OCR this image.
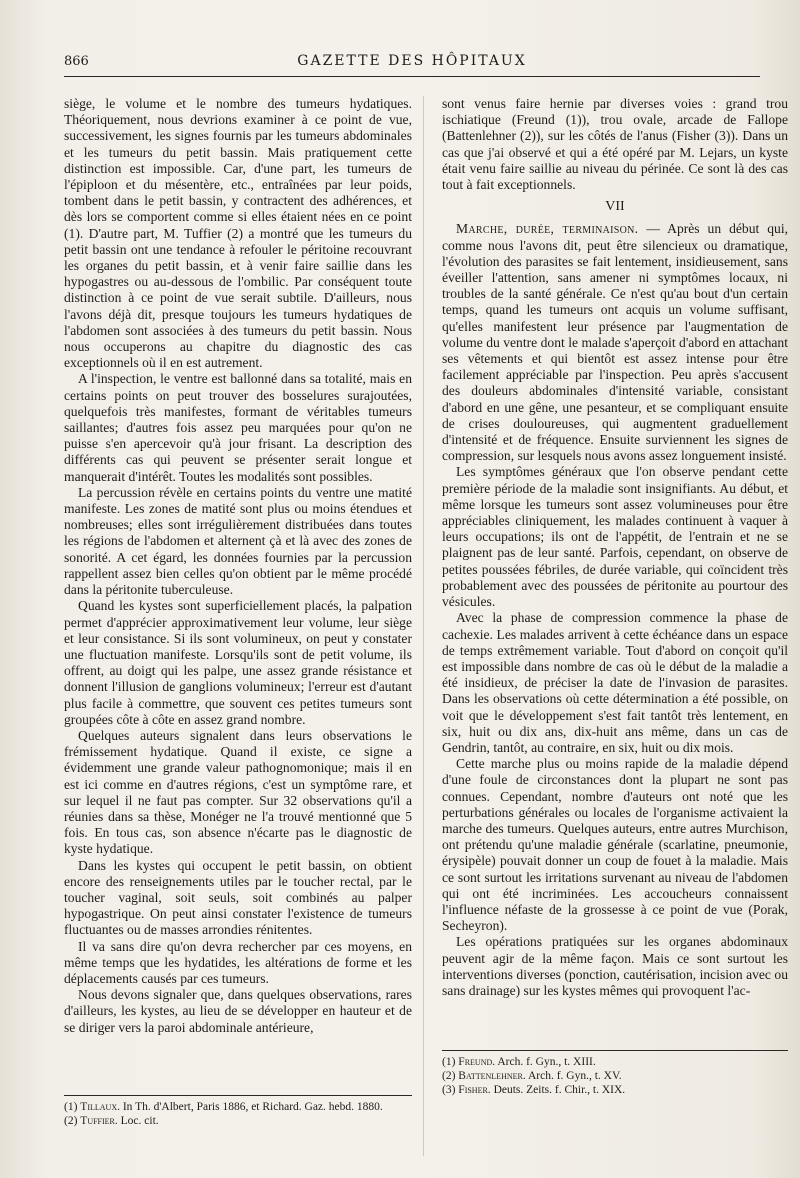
866	GAZETTE DES HÔPITAUX

siège, le volume et le nombre des tumeurs hydatiques. Théoriquement, nous devrions examiner à ce point de vue, successivement, les signes fournis par les tumeurs abdominales et les tumeurs du petit bassin. Mais pratiquement cette distinction est impossible. Car, d'une part, les tumeurs de l'épiploon et du mésentère, etc., entraînées par leur poids, tombent dans le petit bassin, y contractent des adhérences, et dès lors se comportent comme si elles étaient nées en ce point (1). D'autre part, M. Tuffier (2) a montré que les tumeurs du petit bassin ont une tendance à refouler le péritoine recouvrant les organes du petit bassin, et à venir faire saillie dans les hypogastres ou au-dessous de l'ombilic. Par conséquent toute distinction à ce point de vue serait subtile. D'ailleurs, nous l'avons déjà dit, presque toujours les tumeurs hydatiques de l'abdomen sont associées à des tumeurs du petit bassin. Nous nous occuperons au chapitre du diagnostic des cas exceptionnels où il en est autrement.

A l'inspection, le ventre est ballonné dans sa totalité, mais en certains points on peut trouver des bosselures surajoutées, quelquefois très manifestes, formant de véritables tumeurs saillantes; d'autres fois assez peu marquées pour qu'on ne puisse s'en apercevoir qu'à jour frisant. La description des différents cas qui peuvent se présenter serait longue et manquerait d'intérêt. Toutes les modalités sont possibles.

La percussion révèle en certains points du ventre une matité manifeste. Les zones de matité sont plus ou moins étendues et nombreuses; elles sont irrégulièrement distribuées dans toutes les régions de l'abdomen et alternent çà et là avec des zones de sonorité. A cet égard, les données fournies par la percussion rappellent assez bien celles qu'on obtient par le même procédé dans la péritonite tuberculeuse.

Quand les kystes sont superficiellement placés, la palpation permet d'apprécier approximativement leur volume, leur siège et leur consistance. Si ils sont volumineux, on peut y constater une fluctuation manifeste. Lorsqu'ils sont de petit volume, ils offrent, au doigt qui les palpe, une assez grande résistance et donnent l'illusion de ganglions volumineux; l'erreur est d'autant plus facile à commettre, que souvent ces petites tumeurs sont groupées côte à côte en assez grand nombre.

Quelques auteurs signalent dans leurs observations le frémissement hydatique. Quand il existe, ce signe a évidemment une grande valeur pathognomonique; mais il en est ici comme en d'autres régions, c'est un symptôme rare, et sur lequel il ne faut pas compter. Sur 32 observations qu'il a réunies dans sa thèse, Monéger ne l'a trouvé mentionné que 5 fois. En tous cas, son absence n'écarte pas le diagnostic de kyste hydatique.

Dans les kystes qui occupent le petit bassin, on obtient encore des renseignements utiles par le toucher rectal, par le toucher vaginal, soit seuls, soit combinés au palper hypogastrique. On peut ainsi constater l'existence de tumeurs fluctuantes ou de masses arrondies rénitentes.

Il va sans dire qu'on devra rechercher par ces moyens, en même temps que les hydatides, les altérations de forme et les déplacements causés par ces tumeurs.

Nous devons signaler que, dans quelques observations, rares d'ailleurs, les kystes, au lieu de se développer en hauteur et de se diriger vers la paroi abdominale antérieure,

sont venus faire hernie par diverses voies : grand trou ischiatique (Freund (1)), trou ovale, arcade de Fallope (Battenlehner (2)), sur les côtés de l'anus (Fisher (3)). Dans un cas que j'ai observé et qui a été opéré par M. Lejars, un kyste était venu faire saillie au niveau du périnée. Ce sont là des cas tout à fait exceptionnels.

VII

Marche, durée, terminaison. — Après un début qui, comme nous l'avons dit, peut être silencieux ou dramatique, l'évolution des parasites se fait lentement, insidieusement, sans éveiller l'attention, sans amener ni symptômes locaux, ni troubles de la santé générale. Ce n'est qu'au bout d'un certain temps, quand les tumeurs ont acquis un volume suffisant, qu'elles manifestent leur présence par l'augmentation de volume du ventre dont le malade s'aperçoit d'abord en attachant ses vêtements et qui bientôt est assez intense pour être facilement appréciable par l'inspection. Peu après s'accusent des douleurs abdominales d'intensité variable, consistant d'abord en une gêne, une pesanteur, et se compliquant ensuite de crises douloureuses, qui augmentent graduellement d'intensité et de fréquence. Ensuite surviennent les signes de compression, sur lesquels nous avons assez longuement insisté.

Les symptômes généraux que l'on observe pendant cette première période de la maladie sont insignifiants. Au début, et même lorsque les tumeurs sont assez volumineuses pour être appréciables cliniquement, les malades continuent à vaquer à leurs occupations; ils ont de l'appétit, de l'entrain et ne se plaignent pas de leur santé. Parfois, cependant, on observe de petites poussées fébriles, de durée variable, qui coïncident très probablement avec des poussées de péritonite au pourtour des vésicules.

Avec la phase de compression commence la phase de cachexie. Les malades arrivent à cette échéance dans un espace de temps extrêmement variable. Tout d'abord on conçoit qu'il est impossible dans nombre de cas où le début de la maladie a été insidieux, de préciser la date de l'invasion de parasites. Dans les observations où cette détermination a été possible, on voit que le développement s'est fait tantôt très lentement, en six, huit ou dix ans, dix-huit ans même, dans un cas de Gendrin, tantôt, au contraire, en six, huit ou dix mois.

Cette marche plus ou moins rapide de la maladie dépend d'une foule de circonstances dont la plupart ne sont pas connues. Cependant, nombre d'auteurs ont noté que les perturbations générales ou locales de l'organisme activaient la marche des tumeurs. Quelques auteurs, entre autres Murchison, ont prétendu qu'une maladie générale (scarlatine, pneumonie, érysipèle) pouvait donner un coup de fouet à la maladie. Mais ce sont surtout les irritations survenant au niveau de l'abdomen qui ont été incriminées. Les accoucheurs connaissent l'influence néfaste de la grossesse à ce point de vue (Porak, Secheyron).

Les opérations pratiquées sur les organes abdominaux peuvent agir de la même façon. Mais ce sont surtout les interventions diverses (ponction, cautérisation, incision avec ou sans drainage) sur les kystes mêmes qui provoquent l'ac-

(1) Tillaux. In Th. d'Albert, Paris 1886, et Richard. Gaz. hebd. 1880.
(2) Tuffier. Loc. cit.
(1) Freund. Arch. f. Gyn., t. XIII.
(2) Battenlehner. Arch. f. Gyn., t. XV.
(3) Fisher. Deuts. Zeits. f. Chir., t. XIX.
